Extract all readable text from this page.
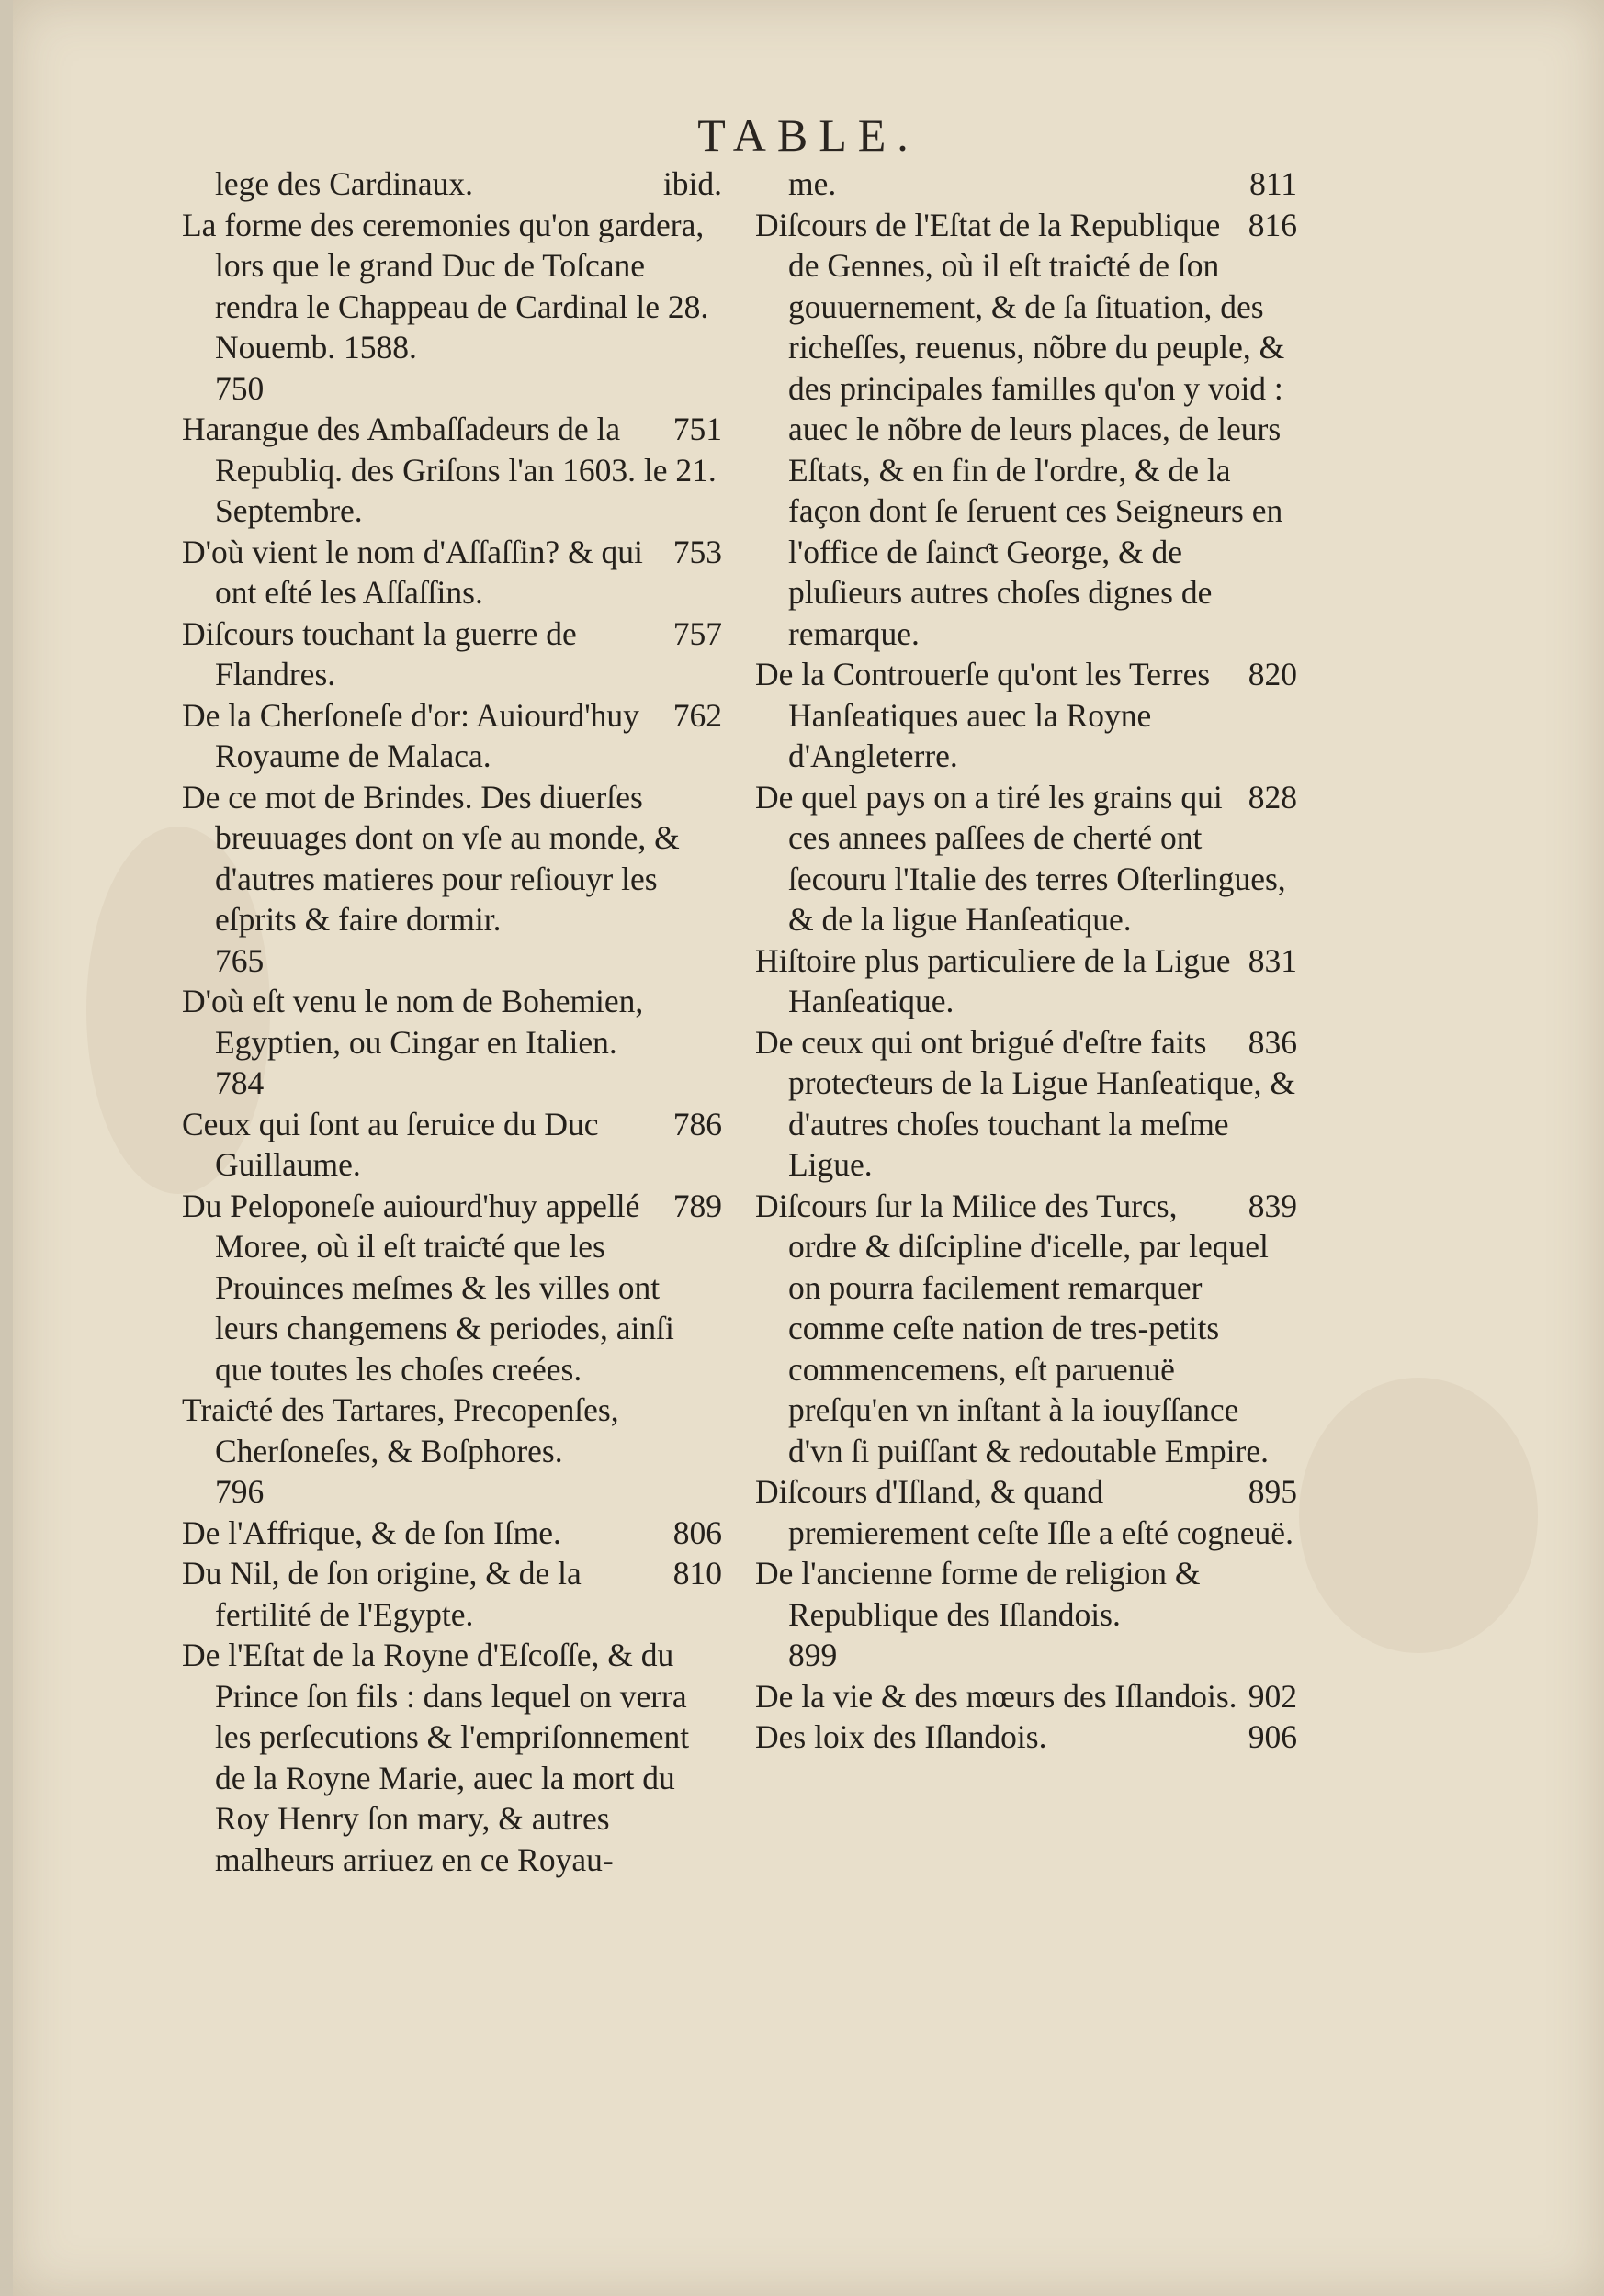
TABLE.
ibid.
lege des Cardinaux.
La forme des ceremonies qu'on gardera, lors que le grand Duc de Toſcane rendra le Chappeau de Cardinal le 28. Nouemb. 1588.
750
751
Harangue des Ambaſſadeurs de la Republiq. des Griſons l'an 1603. le 21. Septembre.
753
D'où vient le nom d'Aſſaſſin? & qui ont eſté les Aſſaſſins.
757
Diſcours touchant la guerre de Flandres.
762
De la Cherſoneſe d'or: Auiourd'huy Royaume de Malaca.
De ce mot de Brindes. Des diuerſes breuuages dont on vſe au monde, & d'autres matieres pour reſiouyr les eſprits & faire dormir.
765
D'où eſt venu le nom de Bohemien, Egyptien, ou Cingar en Italien.
784
786
Ceux qui ſont au ſeruice du Duc Guillaume.
789
Du Peloponeſe auiourd'huy appellé Moree, où il eſt traiƈté que les Prouinces meſmes & les villes ont leurs changemens & periodes, ainſi que toutes les choſes creées.
Traiƈté des Tartares, Precopenſes, Cherſoneſes, & Boſphores.
796
806
De l'Affrique, & de ſon Iſme.
810
Du Nil, de ſon origine, & de la fertilité de l'Egypte.
De l'Eſtat de la Royne d'Eſcoſſe, & du Prince ſon fils : dans lequel on verra les perſecutions & l'empriſonnement de la Royne Marie, auec la mort du Roy Henry ſon mary, & autres malheurs arriuez en ce Royau-
811
me.
816
Diſcours de l'Eſtat de la Republique de Gennes, où il eſt traiƈté de ſon gouuernement, & de ſa ſituation, des richeſſes, reuenus, nõbre du peuple, & des principales familles qu'on y void : auec le nõbre de leurs places, de leurs Eſtats, & en fin de l'ordre, & de la façon dont ſe ſeruent ces Seigneurs en l'office de ſainƈt George, & de pluſieurs autres choſes dignes de remarque.
820
De la Controuerſe qu'ont les Terres Hanſeatiques auec la Royne d'Angleterre.
828
De quel pays on a tiré les grains qui ces annees paſſees de cherté ont ſecouru l'Italie des terres Oſterlingues, & de la ligue Hanſeatique.
831
Hiſtoire plus particuliere de la Ligue Hanſeatique.
836
De ceux qui ont brigué d'eſtre faits proteƈteurs de la Ligue Hanſeatique, & d'autres choſes touchant la meſme Ligue.
839
Diſcours ſur la Milice des Turcs, ordre & diſcipline d'icelle, par lequel on pourra facilement remarquer comme ceſte nation de tres-petits commencemens, eſt paruenuë preſqu'en vn inſtant à la iouyſſance d'vn ſi puiſſant & redoutable Empire.
895
Diſcours d'Iſland, & quand premierement ceſte Iſle a eſté cogneuë.
De l'ancienne forme de religion & Republique des Iſlandois.
899
902
De la vie & des mœurs des Iſlandois.
906
Des loix des Iſlandois.
